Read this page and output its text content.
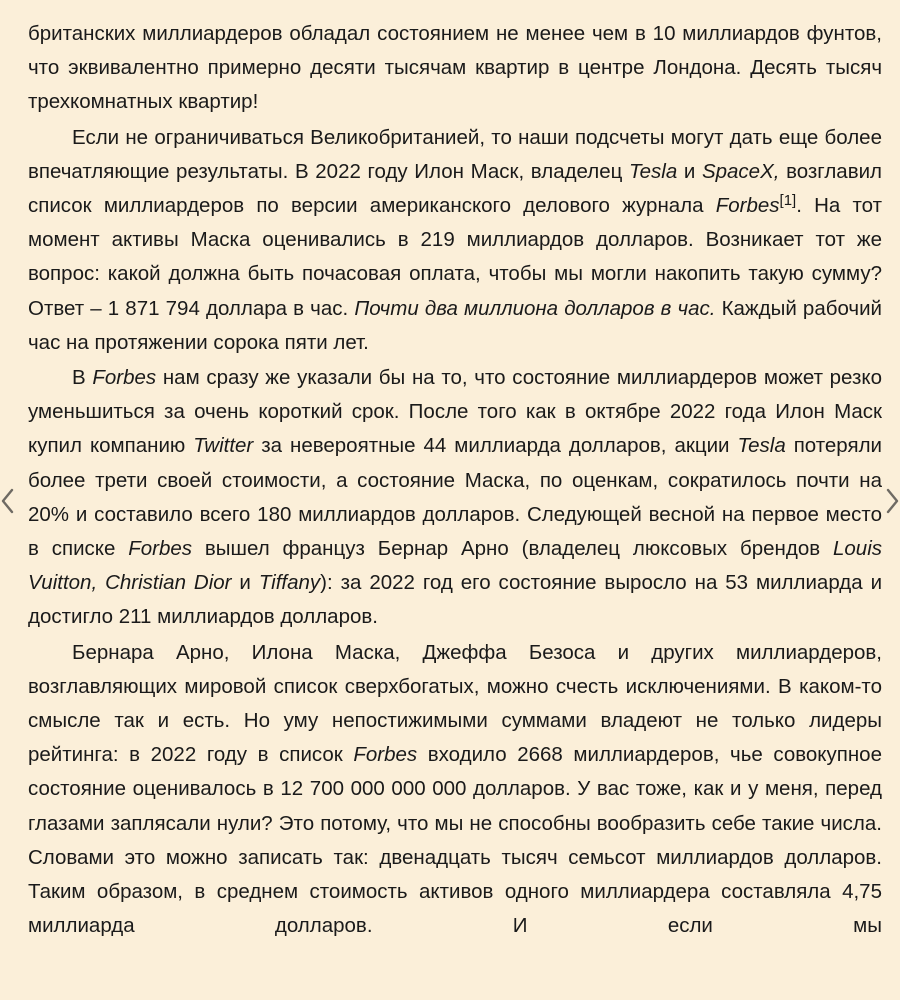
британских миллиардеров обладал состоянием не менее чем в 10 миллиардов фунтов, что эквивалентно примерно десяти тысячам квартир в центре Лондона. Десять тысяч трехкомнатных квартир!

Если не ограничиваться Великобританией, то наши подсчеты могут дать еще более впечатляющие результаты. В 2022 году Илон Маск, владелец Tesla и SpaceX, возглавил список миллиардеров по версии американского делового журнала Forbes[1]. На тот момент активы Маска оценивались в 219 миллиардов долларов. Возникает тот же вопрос: какой должна быть почасовая оплата, чтобы мы могли накопить такую сумму? Ответ – 1 871 794 доллара в час. Почти два миллиона долларов в час. Каждый рабочий час на протяжении сорока пяти лет.

В Forbes нам сразу же указали бы на то, что состояние миллиардеров может резко уменьшиться за очень короткий срок. После того как в октябре 2022 года Илон Маск купил компанию Twitter за невероятные 44 миллиарда долларов, акции Tesla потеряли более трети своей стоимости, а состояние Маска, по оценкам, сократилось почти на 20% и составило всего 180 миллиардов долларов. Следующей весной на первое место в списке Forbes вышел француз Бернар Арно (владелец люксовых брендов Louis Vuitton, Christian Dior и Tiffany): за 2022 год его состояние выросло на 53 миллиарда и достигло 211 миллиардов долларов.

Бернара Арно, Илона Маска, Джеффа Безоса и других миллиардеров, возглавляющих мировой список сверхбогатых, можно счесть исключениями. В каком-то смысле так и есть. Но уму непостижимыми суммами владеют не только лидеры рейтинга: в 2022 году в список Forbes входило 2668 миллиардеров, чье совокупное состояние оценивалось в 12 700 000 000 000 долларов. У вас тоже, как и у меня, перед глазами заплясали нули? Это потому, что мы не способны вообразить себе такие числа. Словами это можно записать так: двенадцать тысяч семьсот миллиардов долларов. Таким образом, в среднем стоимость активов одного миллиардера составляла 4,75 миллиарда долларов. И если мы
